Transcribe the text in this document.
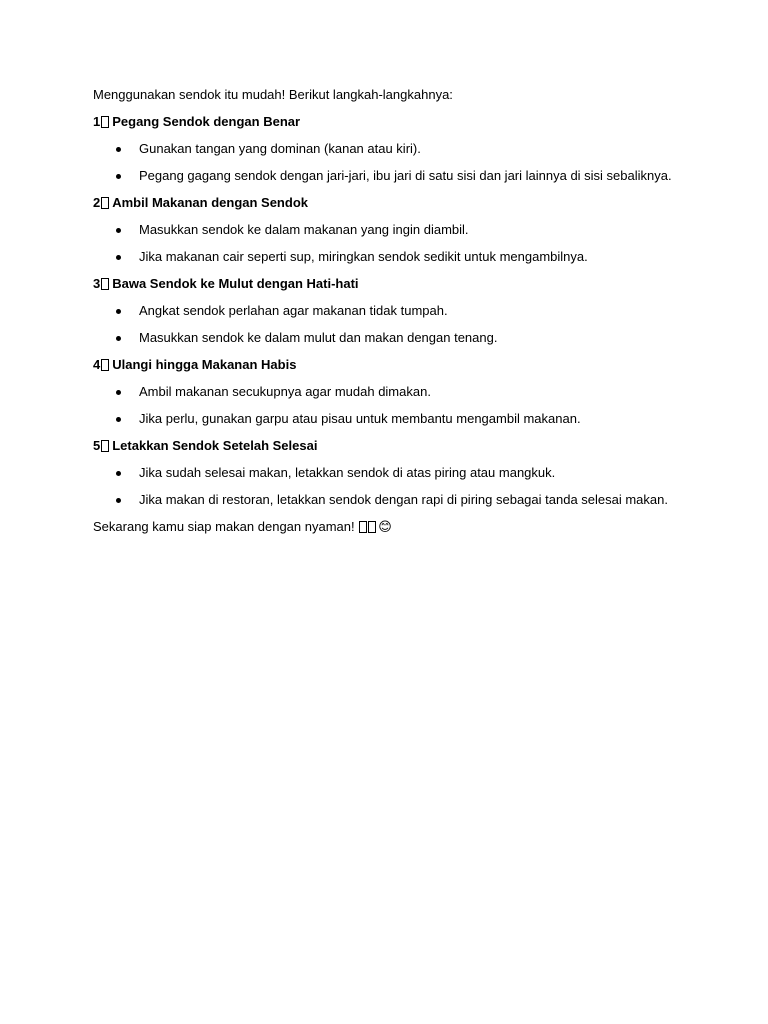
Menggunakan sendok itu mudah! Berikut langkah-langkahnya:

1 Pegang Sendok dengan Benar

Gunakan tangan yang dominan (kanan atau kiri).
Pegang gagang sendok dengan jari-jari, ibu jari di satu sisi dan jari lainnya di sisi sebaliknya.

2 Ambil Makanan dengan Sendok

Masukkan sendok ke dalam makanan yang ingin diambil.
Jika makanan cair seperti sup, miringkan sendok sedikit untuk mengambilnya.

3 Bawa Sendok ke Mulut dengan Hati-hati

Angkat sendok perlahan agar makanan tidak tumpah.
Masukkan sendok ke dalam mulut dan makan dengan tenang.

4 Ulangi hingga Makanan Habis

Ambil makanan secukupnya agar mudah dimakan.
Jika perlu, gunakan garpu atau pisau untuk membantu mengambil makanan.

5 Letakkan Sendok Setelah Selesai

Jika sudah selesai makan, letakkan sendok di atas piring atau mangkuk.
Jika makan di restoran, letakkan sendok dengan rapi di piring sebagai tanda selesai makan.

Sekarang kamu siap makan dengan nyaman! 😊
